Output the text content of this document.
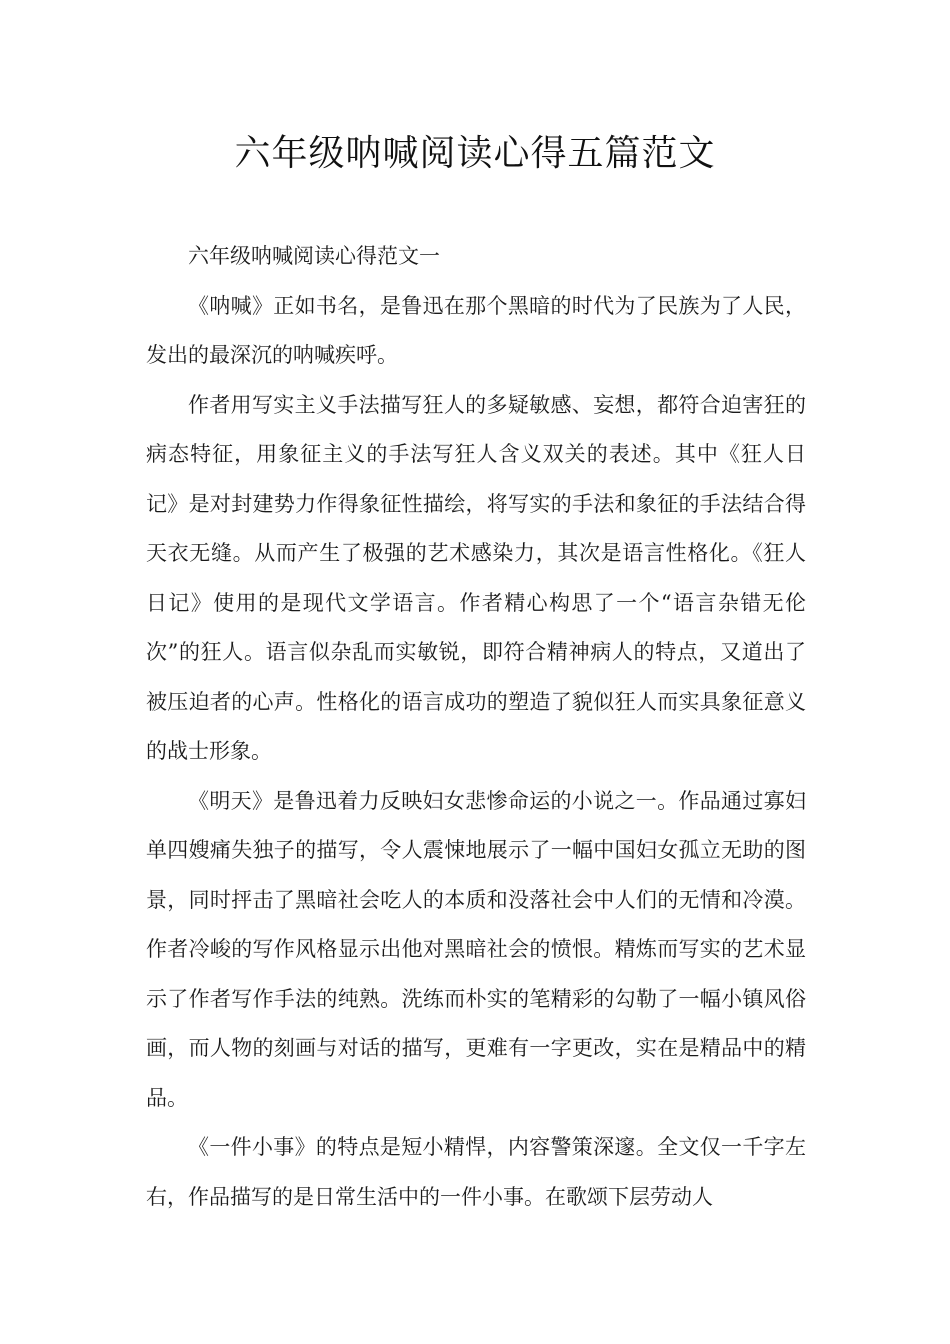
六年级呐喊阅读心得五篇范文

六年级呐喊阅读心得范文一

《呐喊》正如书名，是鲁迅在那个黑暗的时代为了民族为了人民，发出的最深沉的呐喊疾呼。

作者用写实主义手法描写狂人的多疑敏感、妄想，都符合迫害狂的病态特征，用象征主义的手法写狂人含义双关的表述。其中《狂人日记》是对封建势力作得象征性描绘，将写实的手法和象征的手法结合得天衣无缝。从而产生了极强的艺术感染力，其次是语言性格化。《狂人日记》使用的是现代文学语言。作者精心构思了一个“语言杂错无伦次”的狂人。语言似杂乱而实敏锐，即符合精神病人的特点，又道出了被压迫者的心声。性格化的语言成功的塑造了貌似狂人而实具象征意义的战士形象。

《明天》是鲁迅着力反映妇女悲惨命运的小说之一。作品通过寡妇单四嫂痛失独子的描写，令人震悚地展示了一幅中国妇女孤立无助的图景，同时抨击了黑暗社会吃人的本质和没落社会中人们的无情和冷漠。作者冷峻的写作风格显示出他对黑暗社会的愤恨。精炼而写实的艺术显示了作者写作手法的纯熟。洗练而朴实的笔精彩的勾勒了一幅小镇风俗画，而人物的刻画与对话的描写，更难有一字更改，实在是精品中的精品。

《一件小事》的特点是短小精悍，内容警策深邃。全文仅一千字左右，作品描写的是日常生活中的一件小事。在歌颂下层劳动人
